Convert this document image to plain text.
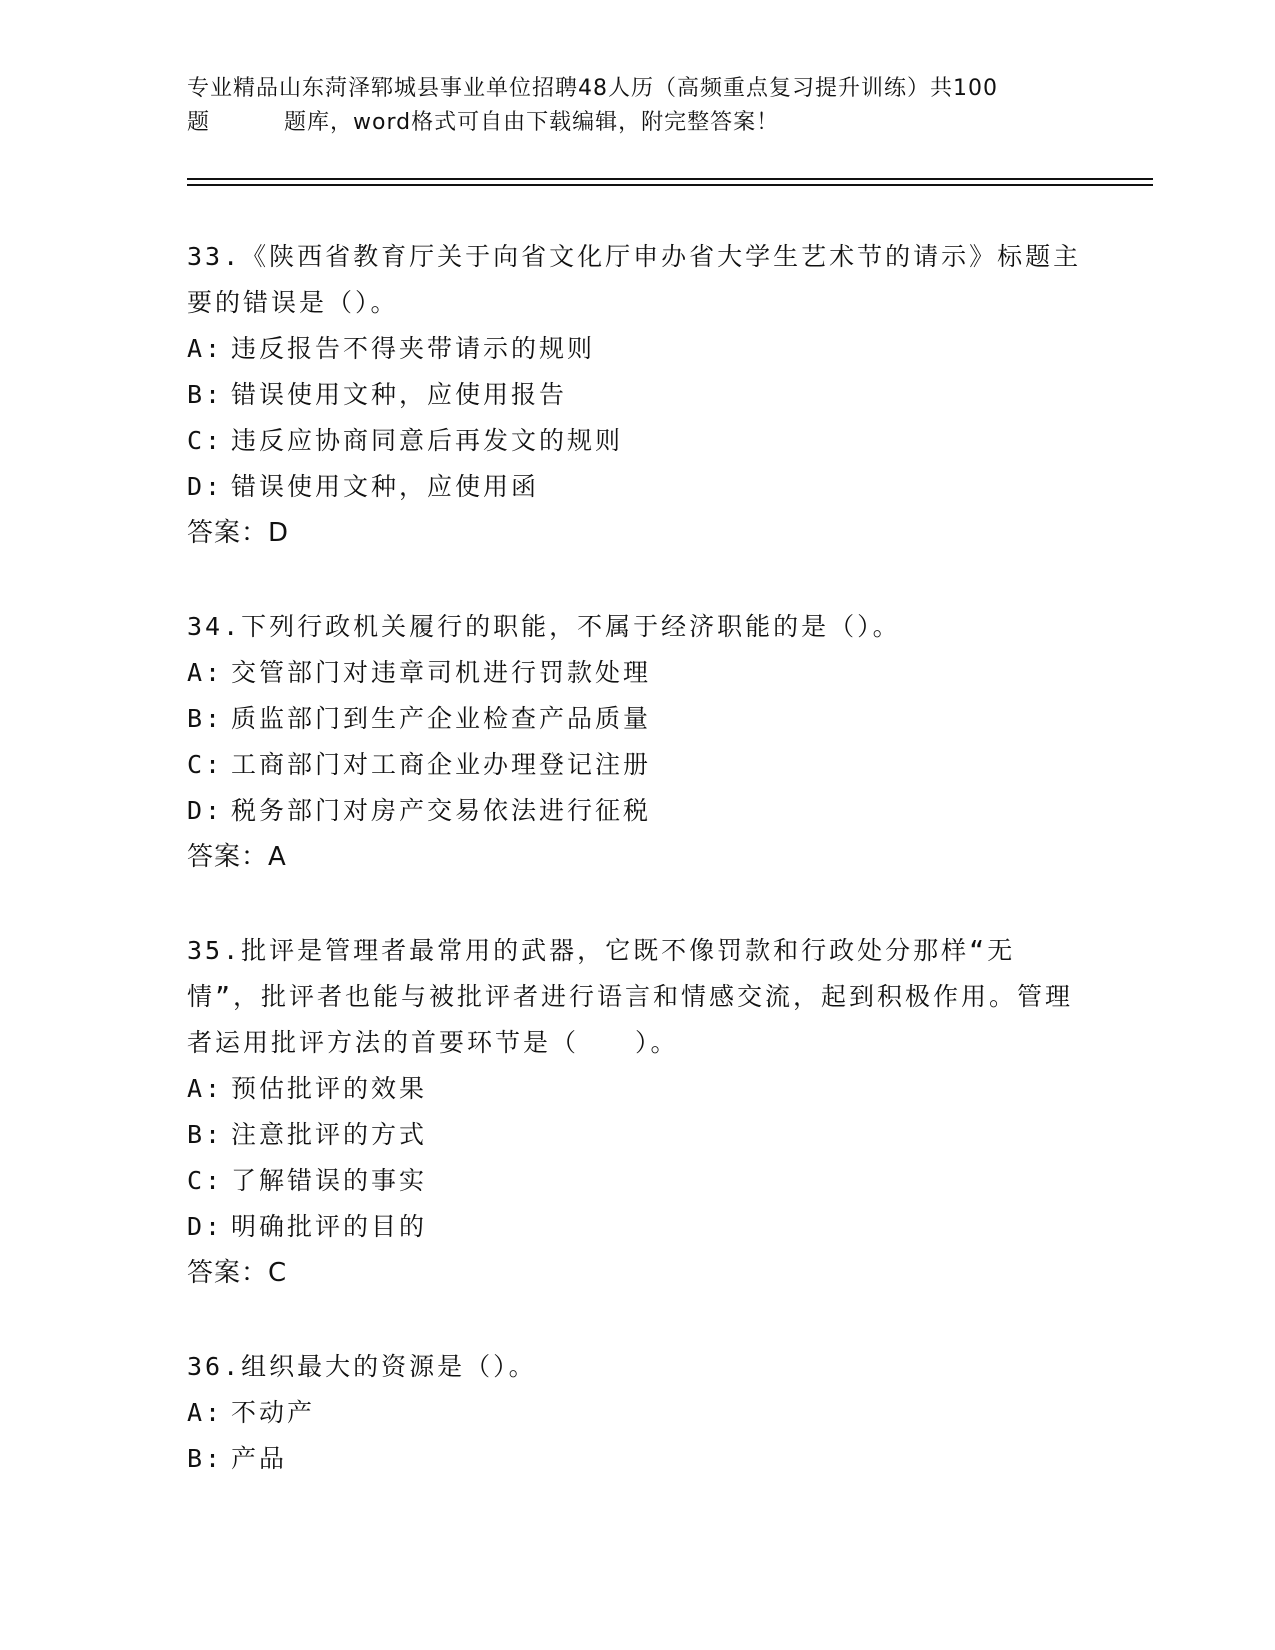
专业精品山东菏泽郓城县事业单位招聘48人历（高频重点复习提升训练）共100
题	题库，word格式可自由下载编辑，附完整答案！

33.《陕西省教育厅关于向省文化厅申办省大学生艺术节的请示》标题主要的错误是（）。

A: 违反报告不得夹带请示的规则

B: 错误使用文种，应使用报告

C: 违反应协商同意后再发文的规则

D: 错误使用文种，应使用函

答案：D

34.下列行政机关履行的职能，不属于经济职能的是（）。

A: 交管部门对违章司机进行罚款处理

B: 质监部门到生产企业检查产品质量

C: 工商部门对工商企业办理登记注册

D: 税务部门对房产交易依法进行征税

答案：A

35.批评是管理者最常用的武器，它既不像罚款和行政处分那样“无情”，批评者也能与被批评者进行语言和情感交流，起到积极作用。管理者运用批评方法的首要环节是（　　）。

A: 预估批评的效果

B: 注意批评的方式

C: 了解错误的事实

D: 明确批评的目的

答案：C

36.组织最大的资源是（）。

A: 不动产

B: 产品
